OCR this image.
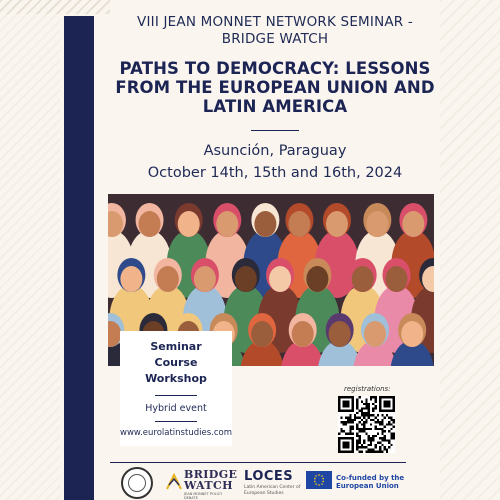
VIII JEAN MONNET NETWORK SEMINAR - BRIDGE WATCH
PATHS TO DEMOCRACY: LESSONS FROM THE EUROPEAN UNION AND LATIN AMERICA
Asunción, Paraguay
October 14th, 15th and 16th, 2024
Seminar
Course
Workshop
Hybrid event
www.eurolatinstudies.com
registrations:
BRIDGE WATCH
JEAN MONNET POLICY DEBATE
LOCES
Latin American Center of European Studies
Co-funded by the European Union
